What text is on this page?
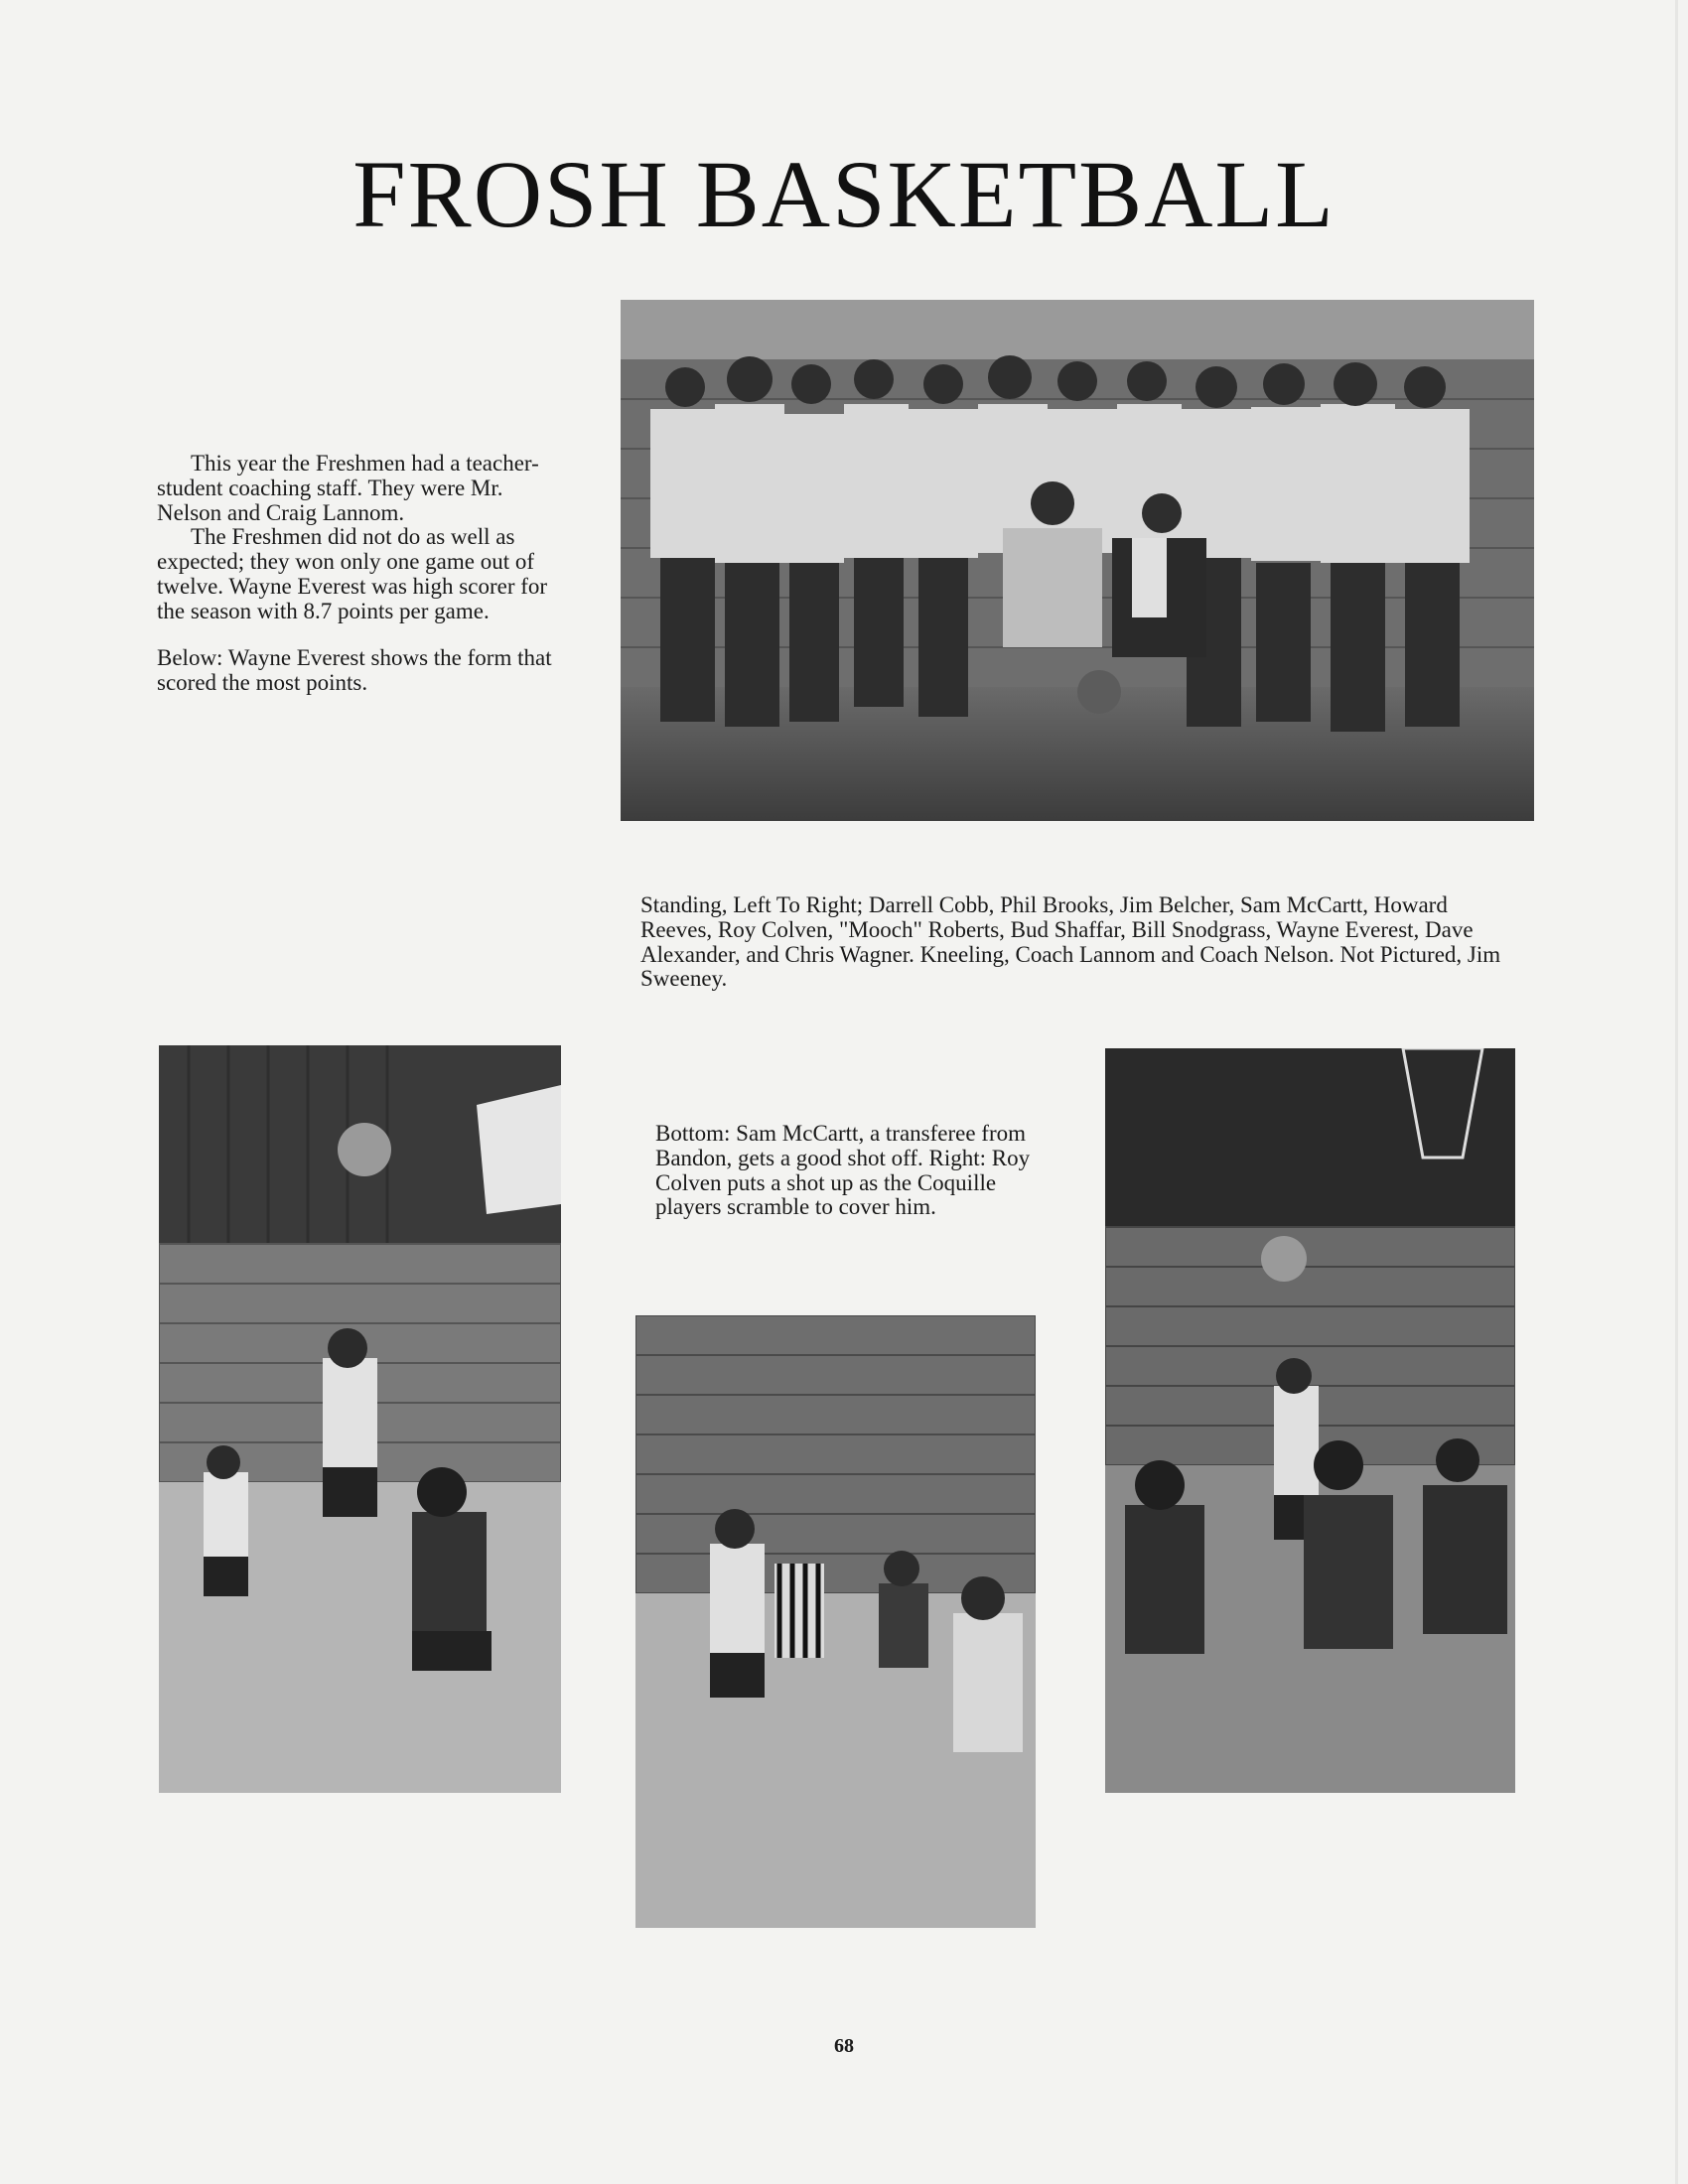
FROSH BASKETBALL

This year the Freshmen had a teacher-student coaching staff. They were Mr. Nelson and Craig Lannom.

The Freshmen did not do as well as expected; they won only one game out of twelve. Wayne Everest was high scorer for the season with 8.7 points per game.

Below: Wayne Everest shows the form that scored the most points.

Standing, Left To Right; Darrell Cobb, Phil Brooks, Jim Belcher, Sam McCartt, Howard Reeves, Roy Colven, "Mooch" Roberts, Bud Shaffar, Bill Snodgrass, Wayne Everest, Dave Alexander, and Chris Wagner. Kneeling, Coach Lannom and Coach Nelson. Not Pictured, Jim Sweeney.
Bottom: Sam McCartt, a transferee from Bandon, gets a good shot off. Right: Roy Colven puts a shot up as the Coquille players scramble to cover him.
68
